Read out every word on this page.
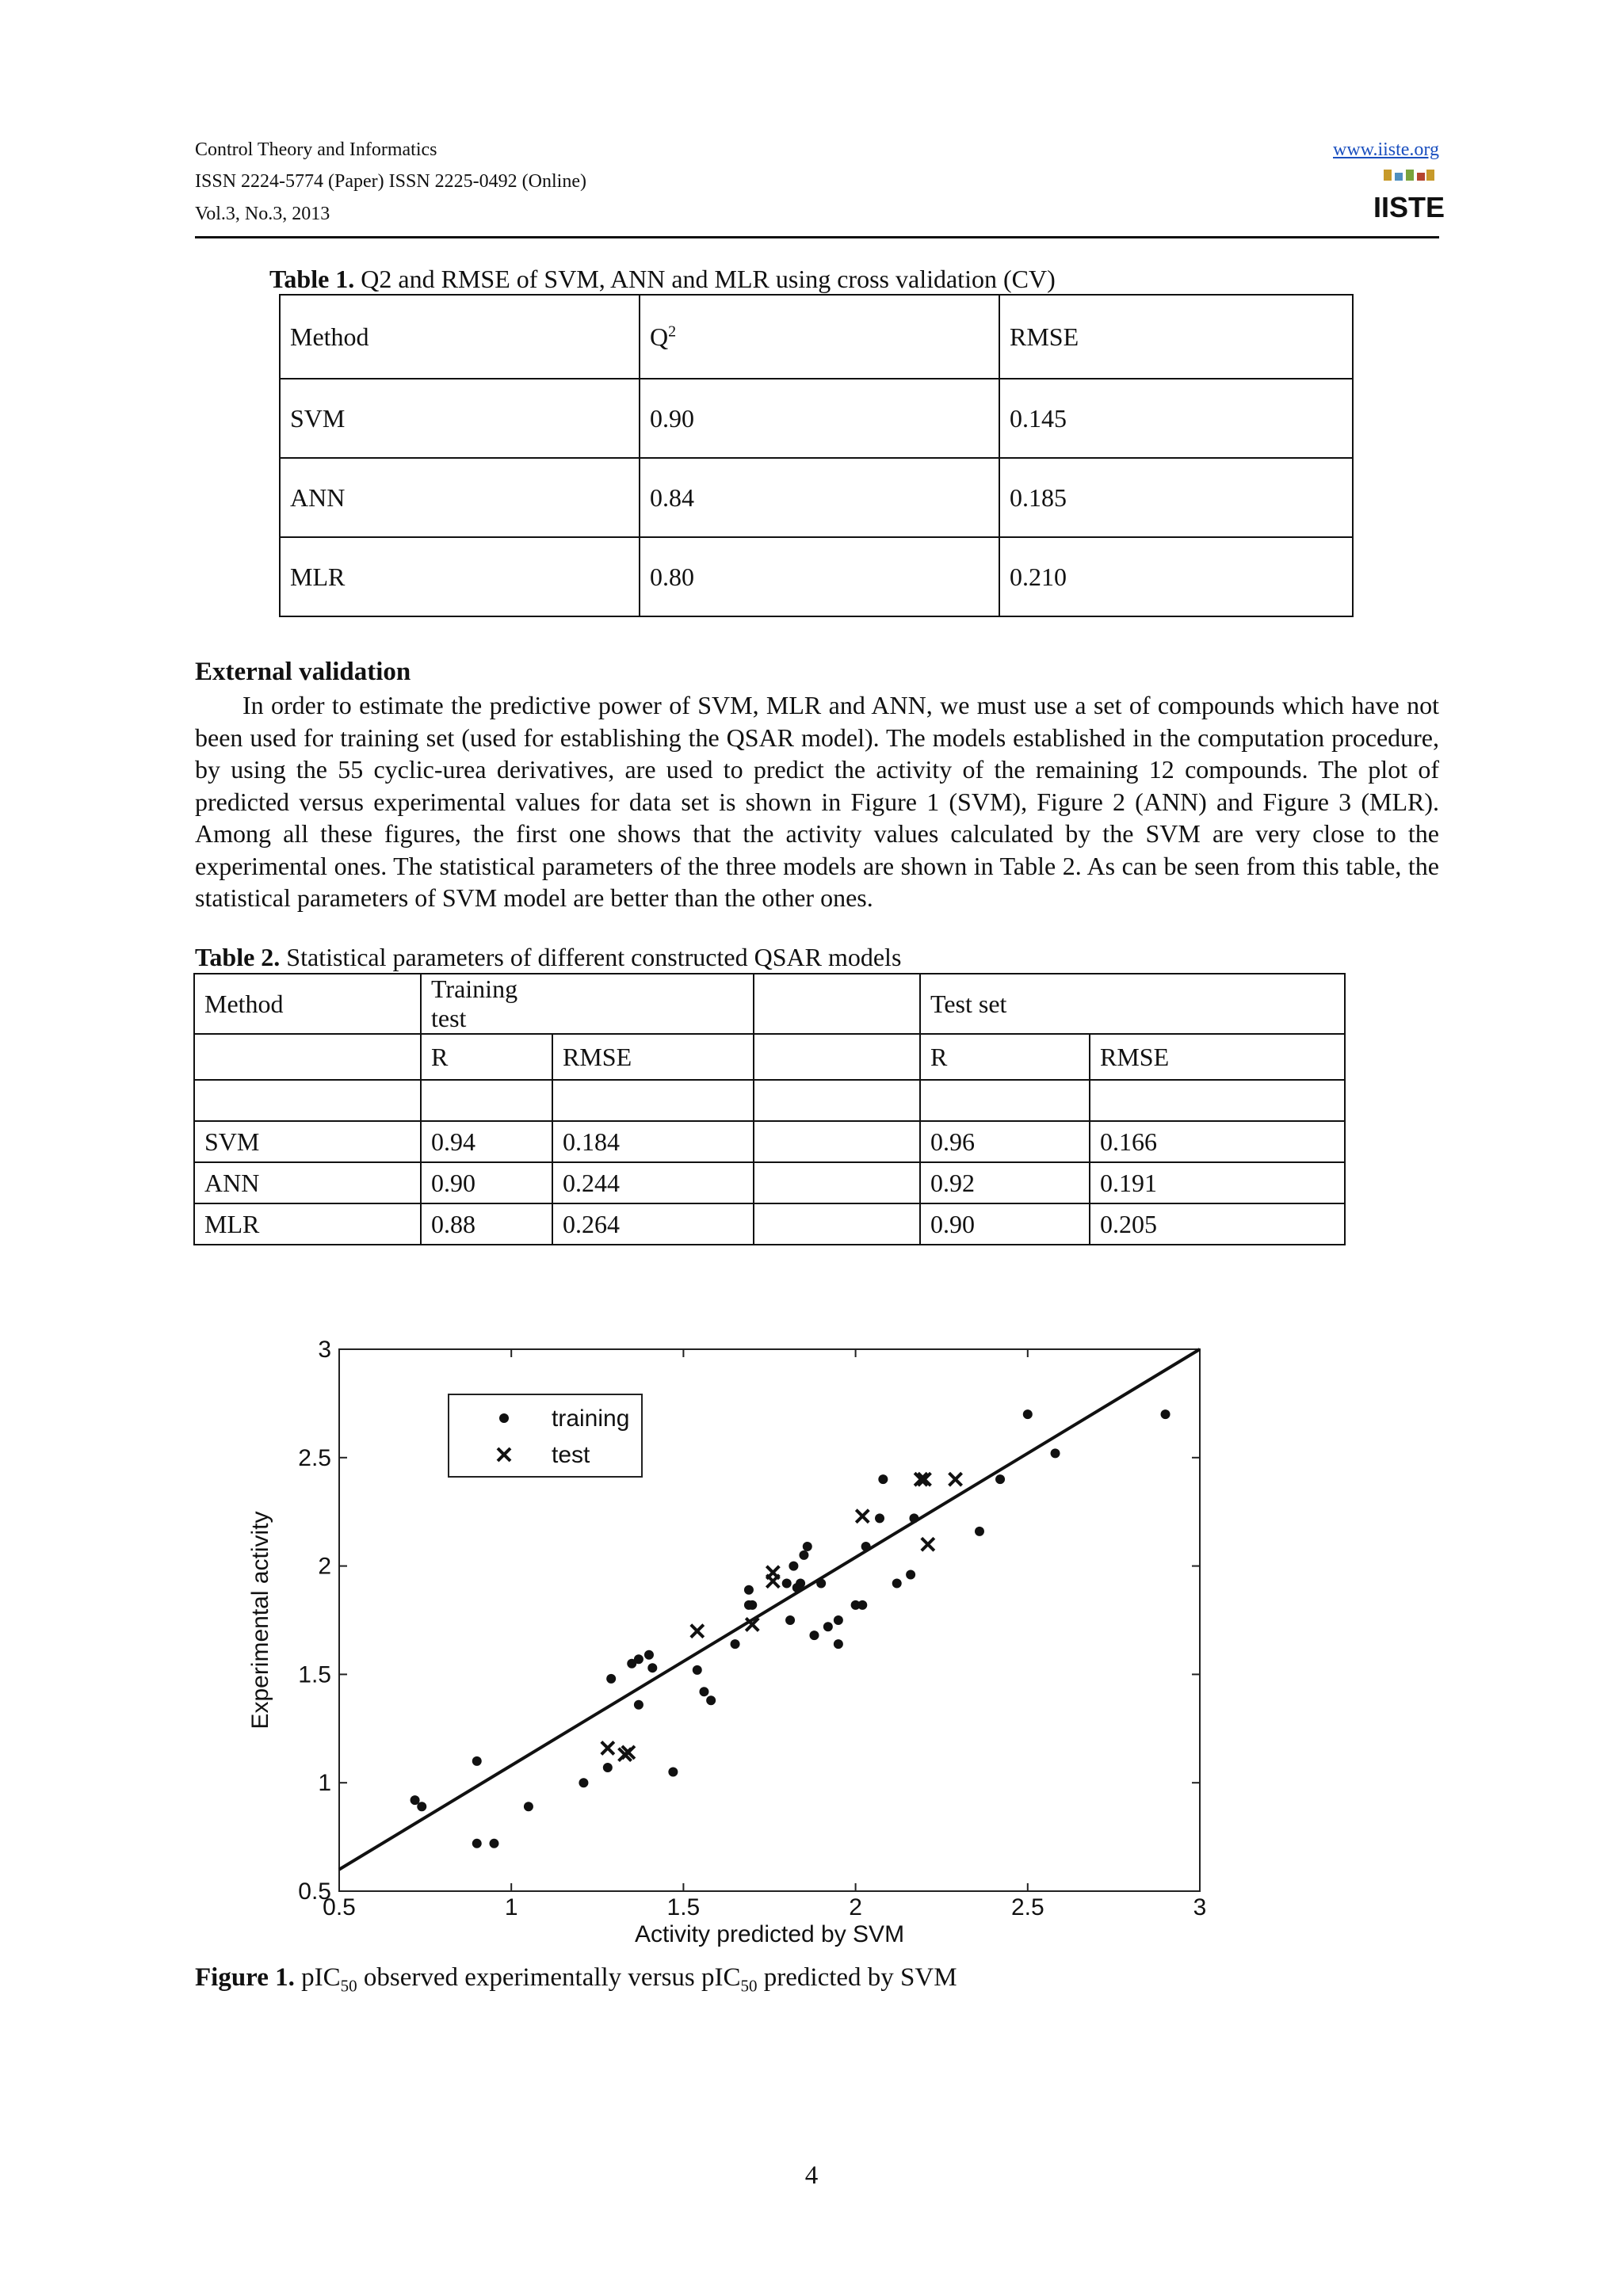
Control Theory and Informatics
ISSN 2224-5774 (Paper) ISSN 2225-0492 (Online)
Vol.3, No.3, 2013
www.iiste.org
IISTE
Table 1. Q2 and RMSE of SVM, ANN and MLR using cross validation (CV)
Method	$Q^2$	RMSE
SVM	0.90	0.145
ANN	0.84	0.185
MLR	0.80	0.210
External validation

In order to estimate the predictive power of SVM, MLR and ANN, we must use a set of compounds which have not been used for training set (used for establishing the QSAR model). The models established in the computation procedure, by using the 55 cyclic-urea derivatives, are used to predict the activity of the remaining 12 compounds. The plot of predicted versus experimental values for data set is shown in Figure 1 (SVM), Figure 2 (ANN) and Figure 3 (MLR). Among all these figures, the first one shows that the activity values calculated by the SVM are very close to the experimental ones. The statistical parameters of the three models are shown in Table 2. As can be seen from this table, the statistical parameters of SVM model are better than the other ones.

Table 2. Statistical parameters of different constructed QSAR models
Method	Training test			Test set	
	R	RMSE		R	RMSE

SVM	0.94	0.184		0.96	0.166
ANN	0.90	0.244		0.92	0.191
MLR	0.88	0.264		0.90	0.205
0.5	1	1.5	2	2.5	3
0.5
1
1.5
2
2.5
3
Activity predicted by SVM
Experimental activity
training
test
Figure 1. pIC$_{50}$ observed experimentally versus pIC$_{50}$ predicted by SVM
4
